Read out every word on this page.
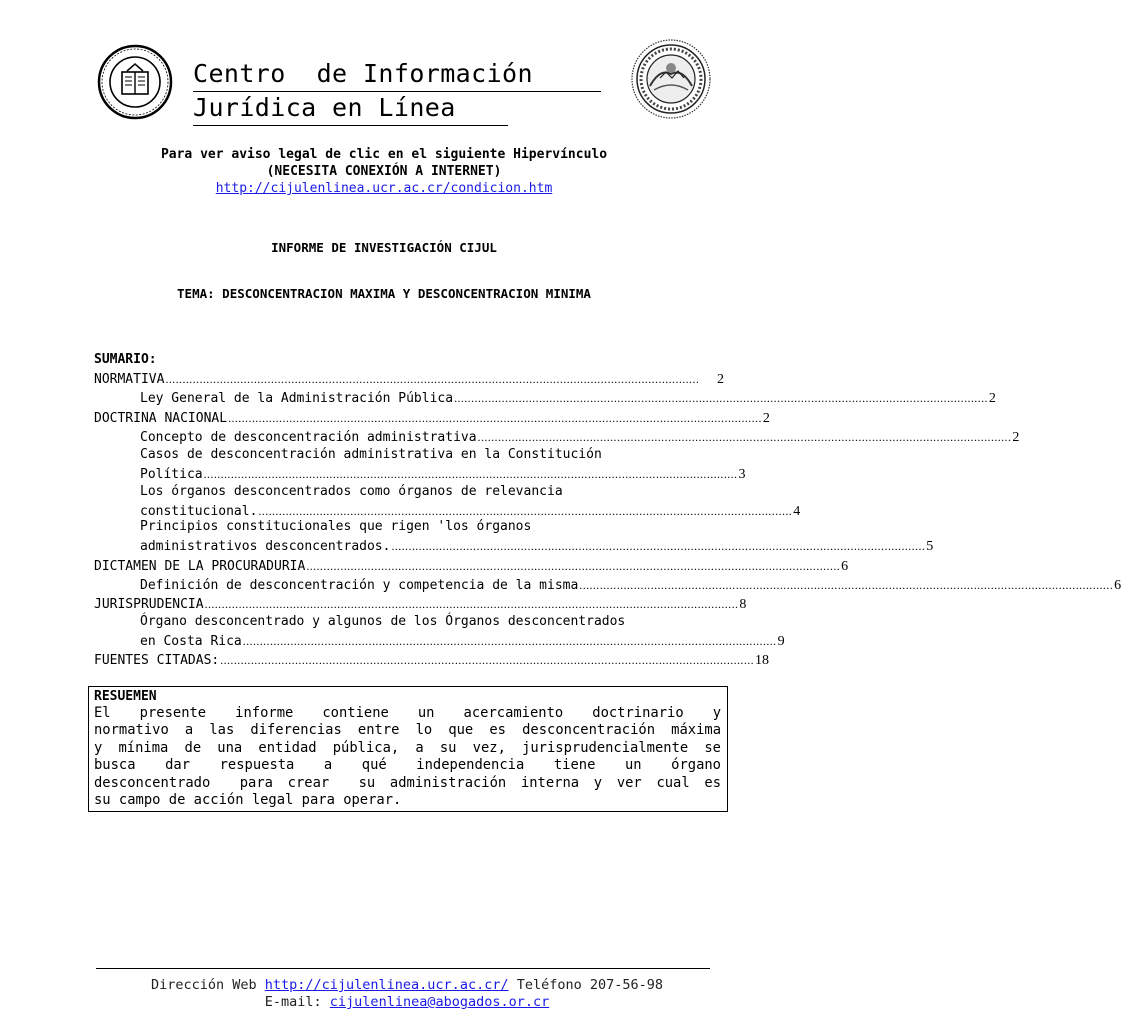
Centro  de Información
Jurídica en Línea
Para ver aviso legal de clic en el siguiente Hipervínculo
(NECESITA CONEXIÓN A INTERNET)
http://cijulenlinea.ucr.ac.cr/condicion.htm
INFORME DE INVESTIGACIÓN CIJUL
TEMA: DESCONCENTRACION MAXIMA Y DESCONCENTRACION MINIMA
SUMARIO:
NORMATIVA .............................................................................................................................................................	2
Ley General de la Administración Pública ............................................................................................................................................................. 2
DOCTRINA NACIONAL ............................................................................................................................................................. 2
Concepto de desconcentración administrativa ............................................................................................................................................................. 2
Casos de desconcentración administrativa en la Constitución
Política ............................................................................................................................................................. 3
Los órganos desconcentrados como órganos de relevancia
constitucional. ............................................................................................................................................................. 4
Principios constitucionales que rigen 'los órganos
administrativos desconcentrados. ............................................................................................................................................................. 5
DICTAMEN DE LA PROCURADURIA ............................................................................................................................................................. 6
Definición de desconcentración y competencia de la misma ............................................................................................................................................................. 6
JURISPRUDENCIA ............................................................................................................................................................. 8
Órgano desconcentrado y algunos de los Órganos desconcentrados
en Costa Rica ............................................................................................................................................................. 9
FUENTES CITADAS: ............................................................................................................................................................. 18
RESUEMEN
El  presente  informe  contiene  un  acercamiento  doctrinario  y
normativo a las diferencias entre lo que es desconcentración máxima
y mínima de una entidad pública, a su vez, jurisprudencialmente se
busca  dar  respuesta  a  qué  independencia  tiene  un  órgano
desconcentrado  para crear  su administración interna y ver cual es
su campo de acción legal para operar.
Dirección Web http://cijulenlinea.ucr.ac.cr/ Teléfono 207-56-98
E-mail: cijulenlinea@abogados.or.cr
